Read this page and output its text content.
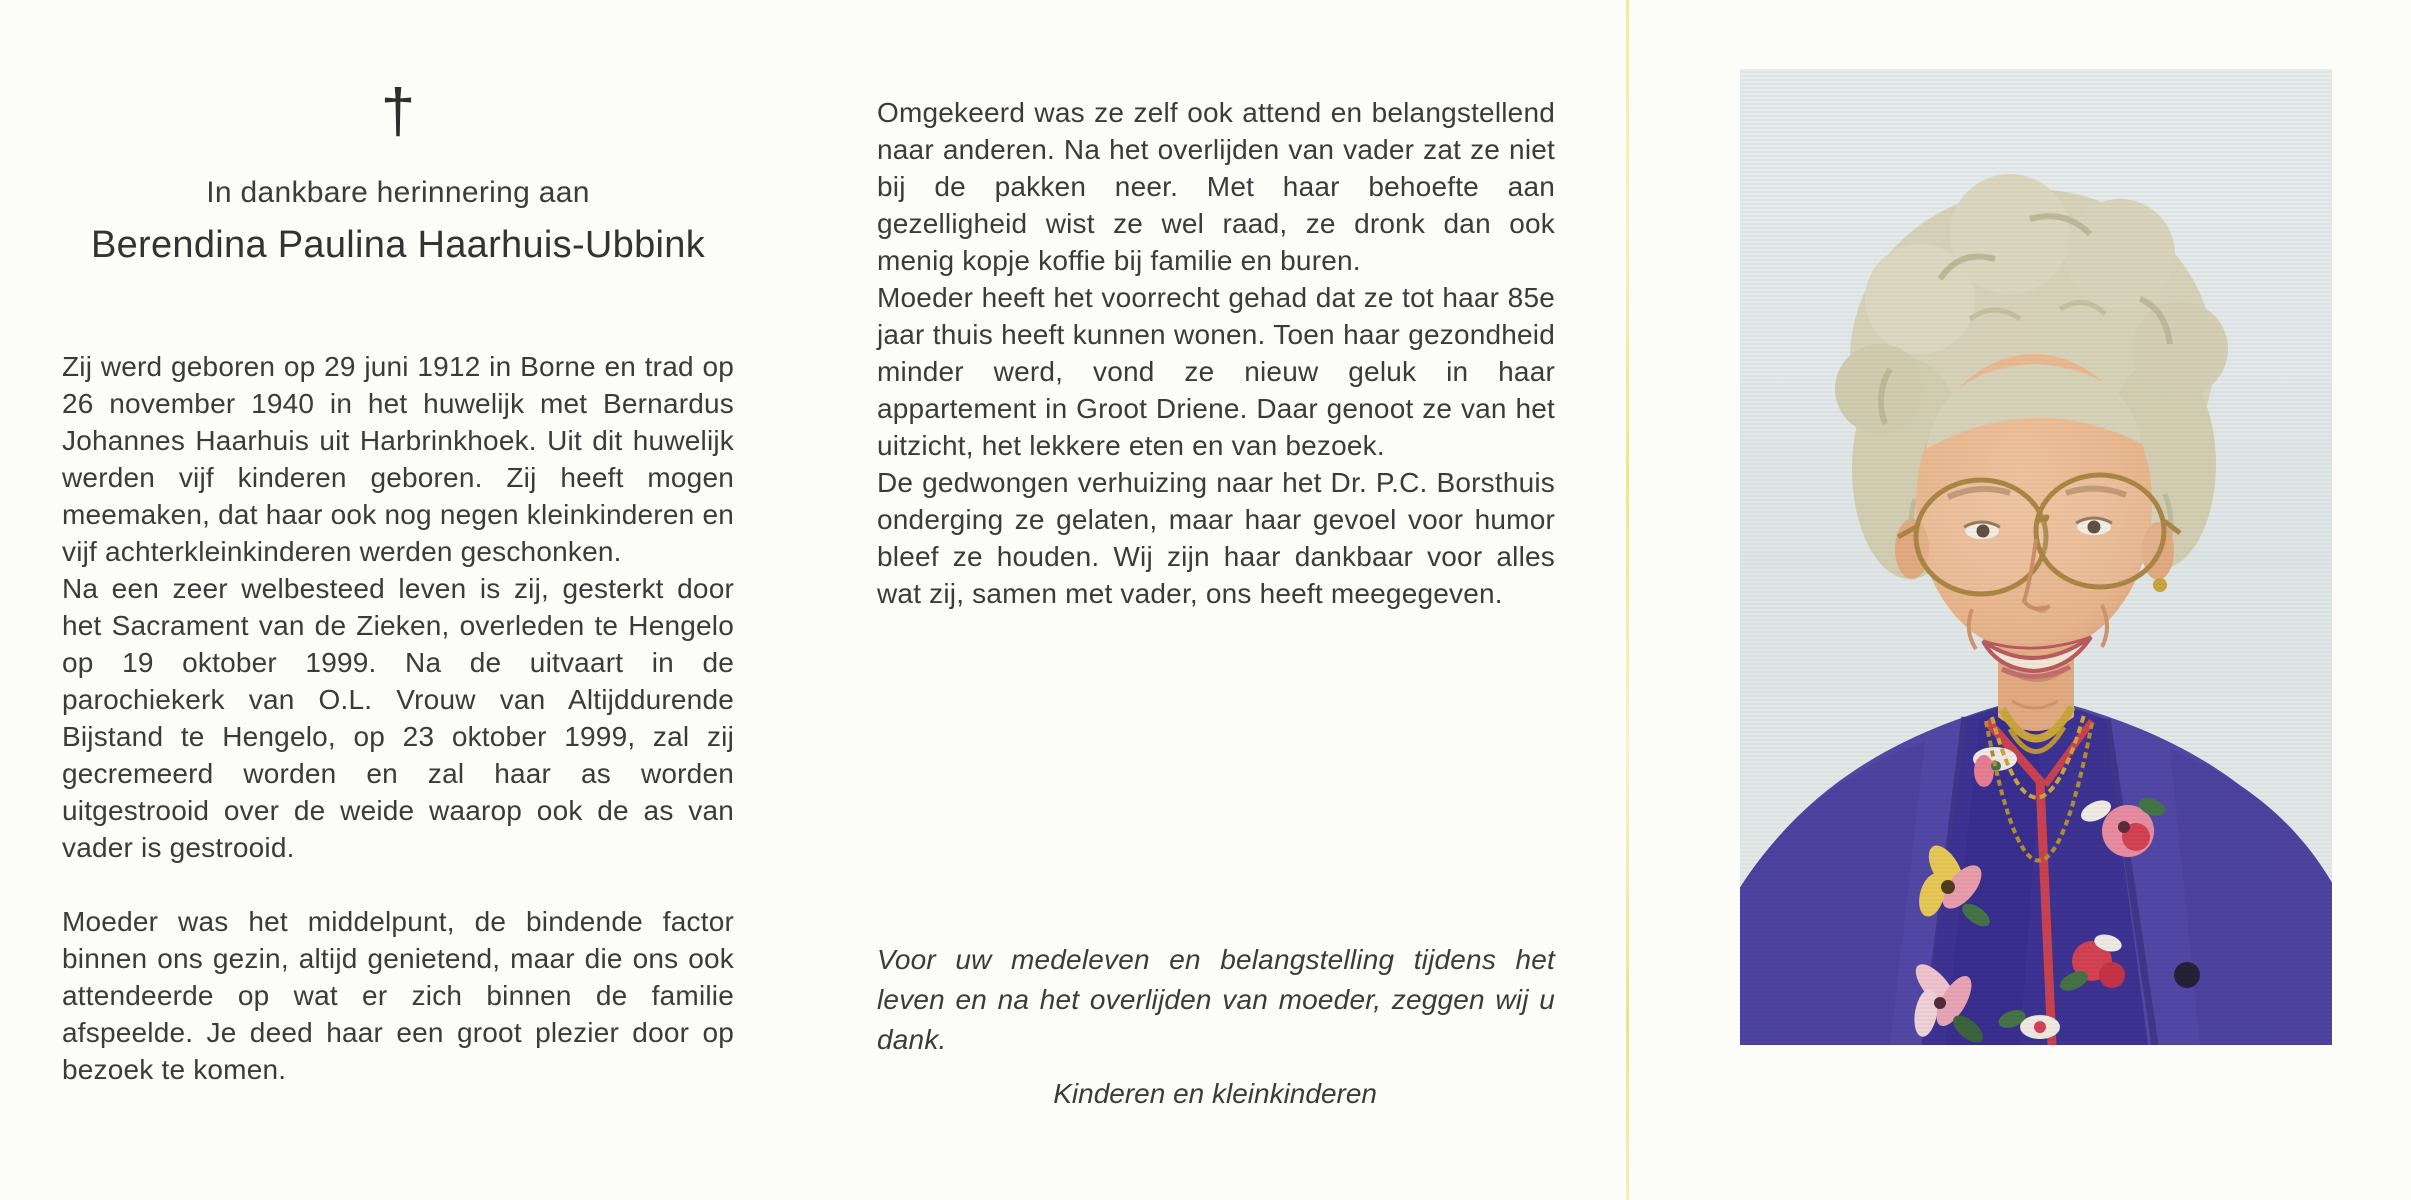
†
In dankbare herinnering aan
Berendina Paulina Haarhuis-Ubbink

Zij werd geboren op 29 juni 1912 in Borne en trad op 26 november 1940 in het huwelijk met Bernardus Johannes Haarhuis uit Harbrinkhoek. Uit dit huwelijk werden vijf kinderen geboren. Zij heeft mogen meemaken, dat haar ook nog negen kleinkinderen en vijf achterkleinkinderen werden geschonken.

Na een zeer welbesteed leven is zij, gesterkt door het Sacrament van de Zieken, overleden te Hengelo op 19 oktober 1999. Na de uitvaart in de parochiekerk van O.L. Vrouw van Altijddurende Bijstand te Hengelo, op 23 oktober 1999, zal zij gecremeerd worden en zal haar as worden uitgestrooid over de weide waarop ook de as van vader is gestrooid.

Moeder was het middelpunt, de bindende factor binnen ons gezin, altijd genietend, maar die ons ook attendeerde op wat er zich binnen de familie afspeelde. Je deed haar een groot plezier door op bezoek te komen.

Omgekeerd was ze zelf ook attend en belangstellend naar anderen. Na het overlijden van vader zat ze niet bij de pakken neer. Met haar behoefte aan gezelligheid wist ze wel raad, ze dronk dan ook menig kopje koffie bij familie en buren.

Moeder heeft het voorrecht gehad dat ze tot haar 85e jaar thuis heeft kunnen wonen. Toen haar gezondheid minder werd, vond ze nieuw geluk in haar appartement in Groot Driene. Daar genoot ze van het uitzicht, het lekkere eten en van bezoek.

De gedwongen verhuizing naar het Dr. P.C. Borsthuis onderging ze gelaten, maar haar gevoel voor humor bleef ze houden. Wij zijn haar dankbaar voor alles wat zij, samen met vader, ons heeft meegegeven.

Voor uw medeleven en belangstelling tijdens het leven en na het overlijden van moeder, zeggen wij u dank.
Kinderen en kleinkinderen
